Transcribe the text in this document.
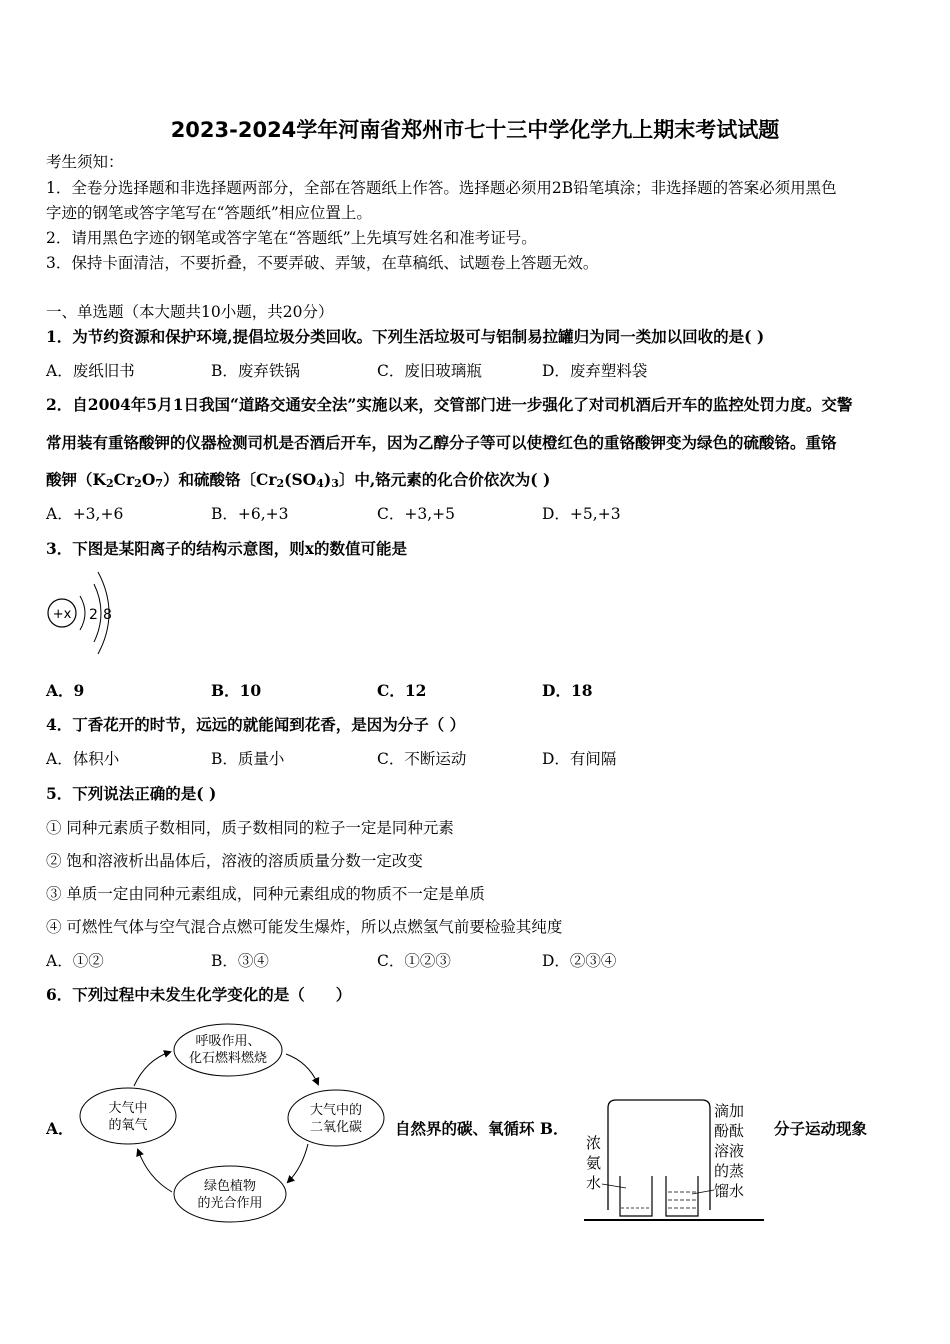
2023-2024学年河南省郑州市七十三中学化学九上期末考试试题
考生须知：
1．全卷分选择题和非选择题两部分，全部在答题纸上作答。选择题必须用2B铅笔填涂；非选择题的答案必须用黑色
字迹的钢笔或答字笔写在“答题纸”相应位置上。
2．请用黑色字迹的钢笔或答字笔在“答题纸”上先填写姓名和准考证号。
3．保持卡面清洁，不要折叠，不要弄破、弄皱，在草稿纸、试题卷上答题无效。
一、单选题（本大题共10小题，共20分）
1．为节约资源和保护环境,提倡垃圾分类回收。下列生活垃圾可与铝制易拉罐归为同一类加以回收的是( )
A．废纸旧书	B．废弃铁锅	C．废旧玻璃瓶	D．废弃塑料袋
2．自2004年5月1日我国“道路交通安全法”实施以来，交管部门进一步强化了对司机酒后开车的监控处罚力度。交警
常用装有重铬酸钾的仪器检测司机是否酒后开车，因为乙醇分子等可以使橙红色的重铬酸钾变为绿色的硫酸铬。重铬
酸钾（K2Cr2O7）和硫酸铬〔Cr2(SO4)3〕中,铬元素的化合价依次为( )
A．+3,+6	B．+6,+3	C．+3,+5	D．+5,+3
3．下图是某阳离子的结构示意图，则x的数值可能是
+x 2 8
A．9	B．10	C．12	D．18
4．丁香花开的时节，远远的就能闻到花香，是因为分子（ ）
A．体积小	B．质量小	C．不断运动	D．有间隔
5．下列说法正确的是( )
① 同种元素质子数相同，质子数相同的粒子一定是同种元素
② 饱和溶液析出晶体后，溶液的溶质质量分数一定改变
③ 单质一定由同种元素组成，同种元素组成的物质不一定是单质
④ 可燃性气体与空气混合点燃可能发生爆炸，所以点燃氢气前要检验其纯度
A．①②	B．③④	C．①②③	D．②③④
6．下列过程中未发生化学变化的是（　　）
A．
呼吸作用、
化石燃料燃烧
大气中
的氧气
大气中的
二氧化碳
绿色植物
的光合作用
自然界的碳、氧循环 B．
浓
氨
水
滴加
酚酞
溶液
的蒸
馏水
分子运动现象
